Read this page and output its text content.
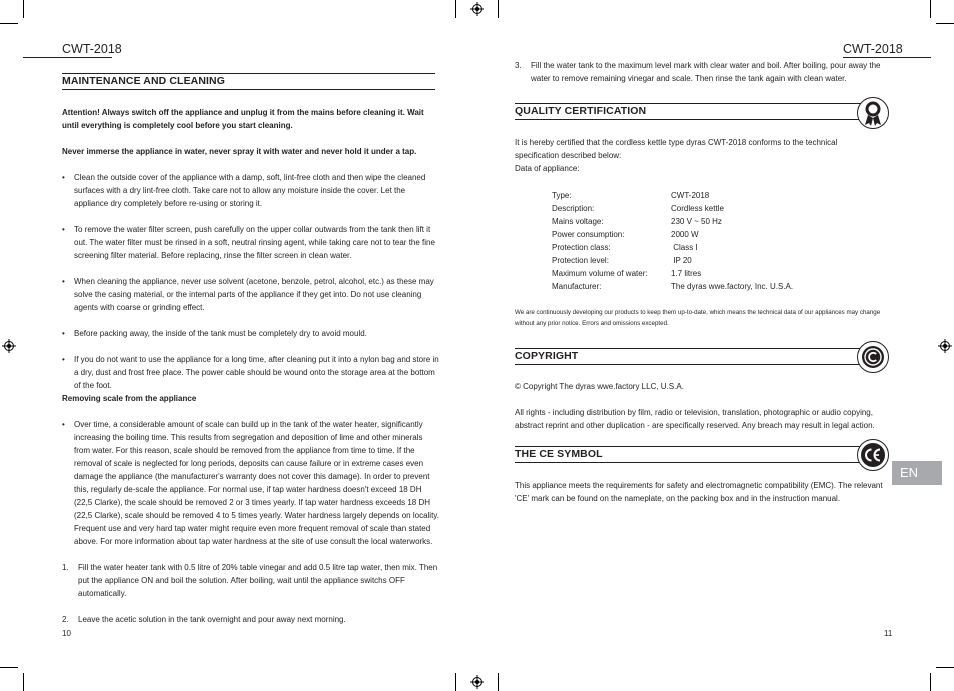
CWT-2018
MAINTENANCE AND CLEANING
Attention! Always switch off the appliance and unplug it from the mains before cleaning it. Wait until everything is completely cool before you start cleaning.
Never immerse the appliance in water, never spray it with water and never hold it under a tap.
• Clean the outside cover of the appliance with a damp, soft, lint-free cloth and then wipe the cleaned surfaces with a dry lint-free cloth. Take care not to allow any moisture inside the cover. Let the appliance dry completely before re-using or storing it.
• To remove the water filter screen, push carefully on the upper collar outwards from the tank then lift it out. The water filter must be rinsed in a soft, neutral rinsing agent, while taking care not to tear the fine screening filter material. Before replacing, rinse the filter screen in clean water.
• When cleaning the appliance, never use solvent (acetone, benzole, petrol, alcohol, etc.) as these may solve the casing material, or the internal parts of the appliance if they get into. Do not use cleaning agents with coarse or grinding effect.
• Before packing away, the inside of the tank must be completely dry to avoid mould.
• If you do not want to use the appliance for a long time, after cleaning put it into a nylon bag and store in a dry, dust and frost free place. The power cable should be wound onto the storage area at the bottom of the foot.
Removing scale from the appliance
• Over time, a considerable amount of scale can build up in the tank of the water heater, significantly increasing the boiling time. This results from segregation and deposition of lime and other minerals from water. For this reason, scale should be removed from the appliance from time to time. If the removal of scale is neglected for long periods, deposits can cause failure or in extreme cases even damage the appliance (the manufacturer's warranty does not cover this damage). In order to prevent this, regularly de-scale the appliance. For normal use, if tap water hardness doesn't exceed 18 DH (22,5 Clarke), the scale should be removed 2 or 3 times yearly. If tap water hardness exceeds 18 DH (22,5 Clarke), scale should be removed 4 to 5 times yearly. Water hardness largely depends on locality. Frequent use and very hard tap water might require even more frequent removal of scale than stated above. For more information about tap water hardness at the site of use consult the local waterworks.
1. Fill the water heater tank with 0.5 litre of 20% table vinegar and add 0.5 litre tap water, then mix. Then put the appliance ON and boil the solution. After boiling, wait until the appliance switchs OFF automatically.
2. Leave the acetic solution in the tank overnight and pour away next morning.
10
CWT-2018
3. Fill the water tank to the maximum level mark with clear water and boil. After boiling, pour away the water to remove remaining vinegar and scale. Then rinse the tank again with clean water.
QUALITY CERTIFICATION
It is hereby certified that the cordless kettle type dyras CWT-2018 conforms to the technical specification described below:
Data of appliance:
Type:	CWT-2018
Description:	Cordless kettle
Mains voltage:	230 V ~ 50 Hz
Power consumption:	2000 W
Protection class:	Class I
Protection level:	IP 20
Maximum volume of water:	1.7 litres
Manufacturer:	The dyras wwe.factory, Inc. U.S.A.
We are continuously developing our products to keep them up-to-date, which means the technical data of our appliances may change without any prior notice. Errors and omissions excepted.
COPYRIGHT
© Copyright The dyras wwe.factory LLC, U.S.A.
All rights - including distribution by film, radio or television, translation, photographic or audio copying, abstract reprint and other duplication - are specifically reserved. Any breach may result in legal action.
THE CE SYMBOL
This appliance meets the requirements for safety and electromagnetic compatibility (EMC). The relevant 'CE' mark can be found on the nameplate, on the packing box and in the instruction manual.
EN
11
